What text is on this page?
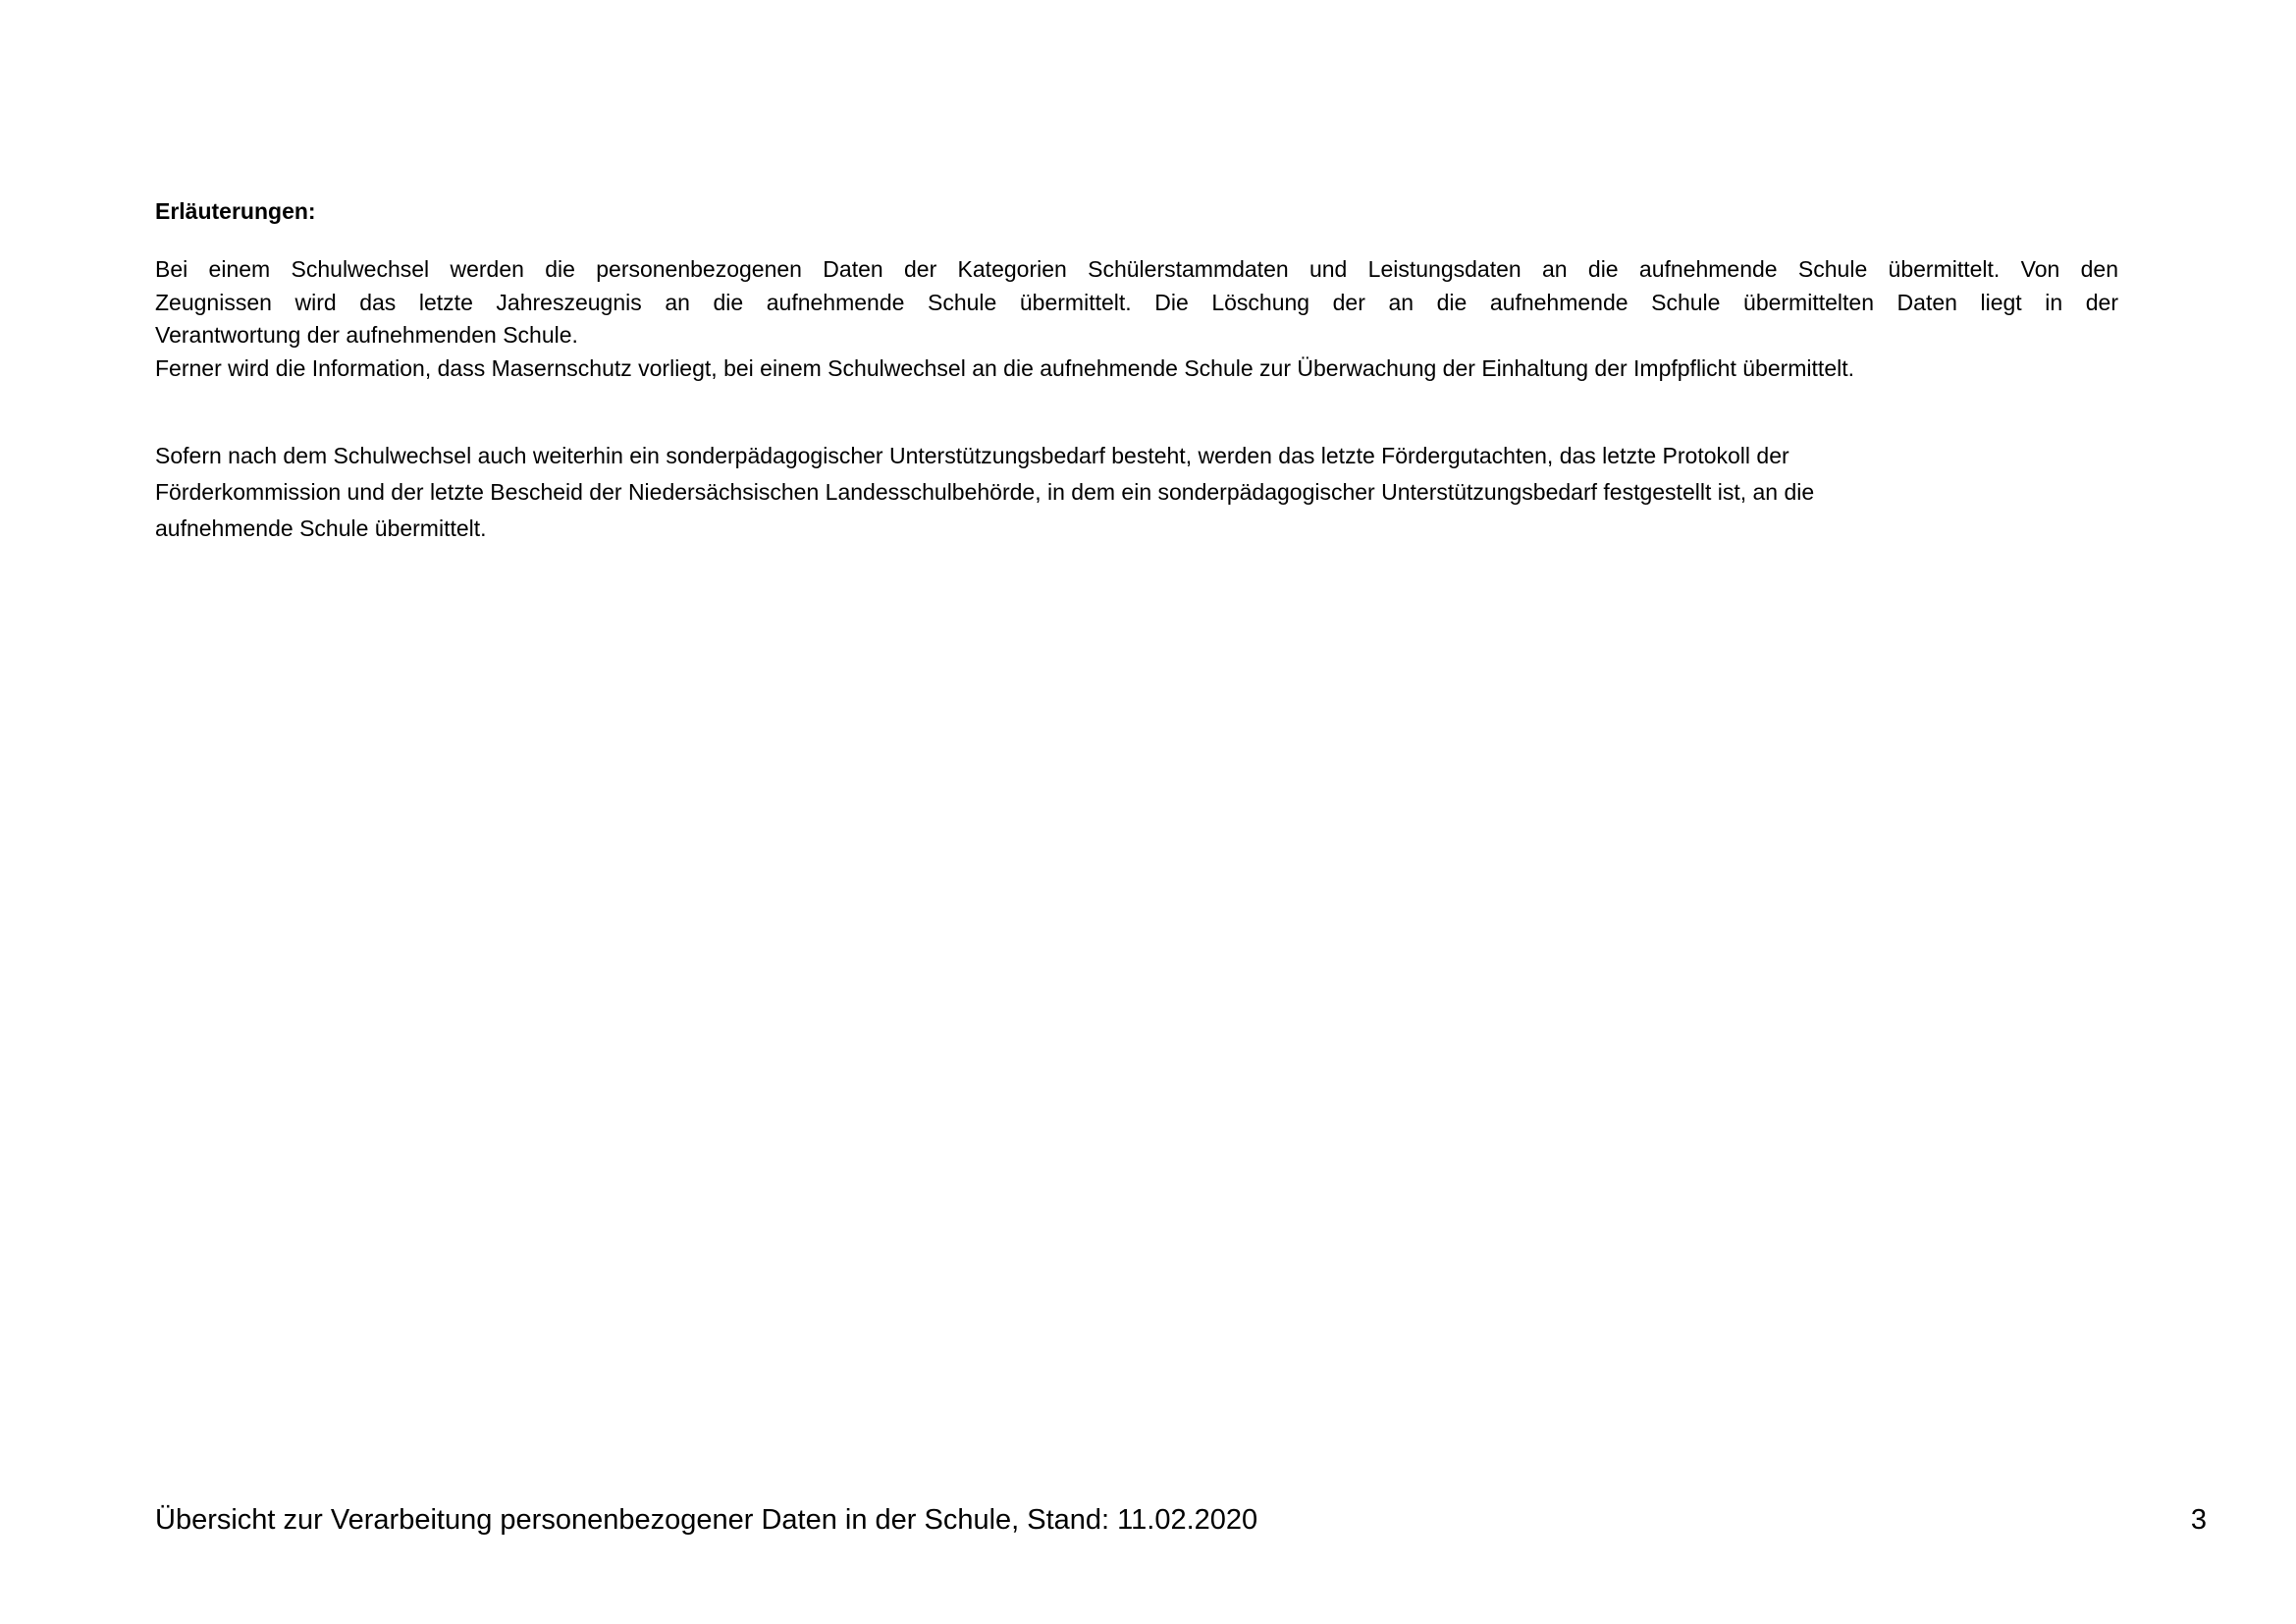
Erläuterungen:

Bei einem Schulwechsel werden die personenbezogenen Daten der Kategorien Schülerstammdaten und Leistungsdaten an die aufnehmende Schule übermittelt. Von den
Zeugnissen wird das letzte Jahreszeugnis an die aufnehmende Schule übermittelt. Die Löschung der an die aufnehmende Schule übermittelten Daten liegt in der
Verantwortung der aufnehmenden Schule.
Ferner wird die Information, dass Masernschutz vorliegt, bei einem Schulwechsel an die aufnehmende Schule zur Überwachung der Einhaltung der Impfpflicht übermittelt.
Sofern nach dem Schulwechsel auch weiterhin ein sonderpädagogischer Unterstützungsbedarf besteht, werden das letzte Fördergutachten, das letzte Protokoll der
Förderkommission und der letzte Bescheid der Niedersächsischen Landesschulbehörde, in dem ein sonderpädagogischer Unterstützungsbedarf festgestellt ist, an die
aufnehmende Schule übermittelt.

Übersicht zur Verarbeitung personenbezogener Daten in der Schule, Stand: 11.02.2020	3
